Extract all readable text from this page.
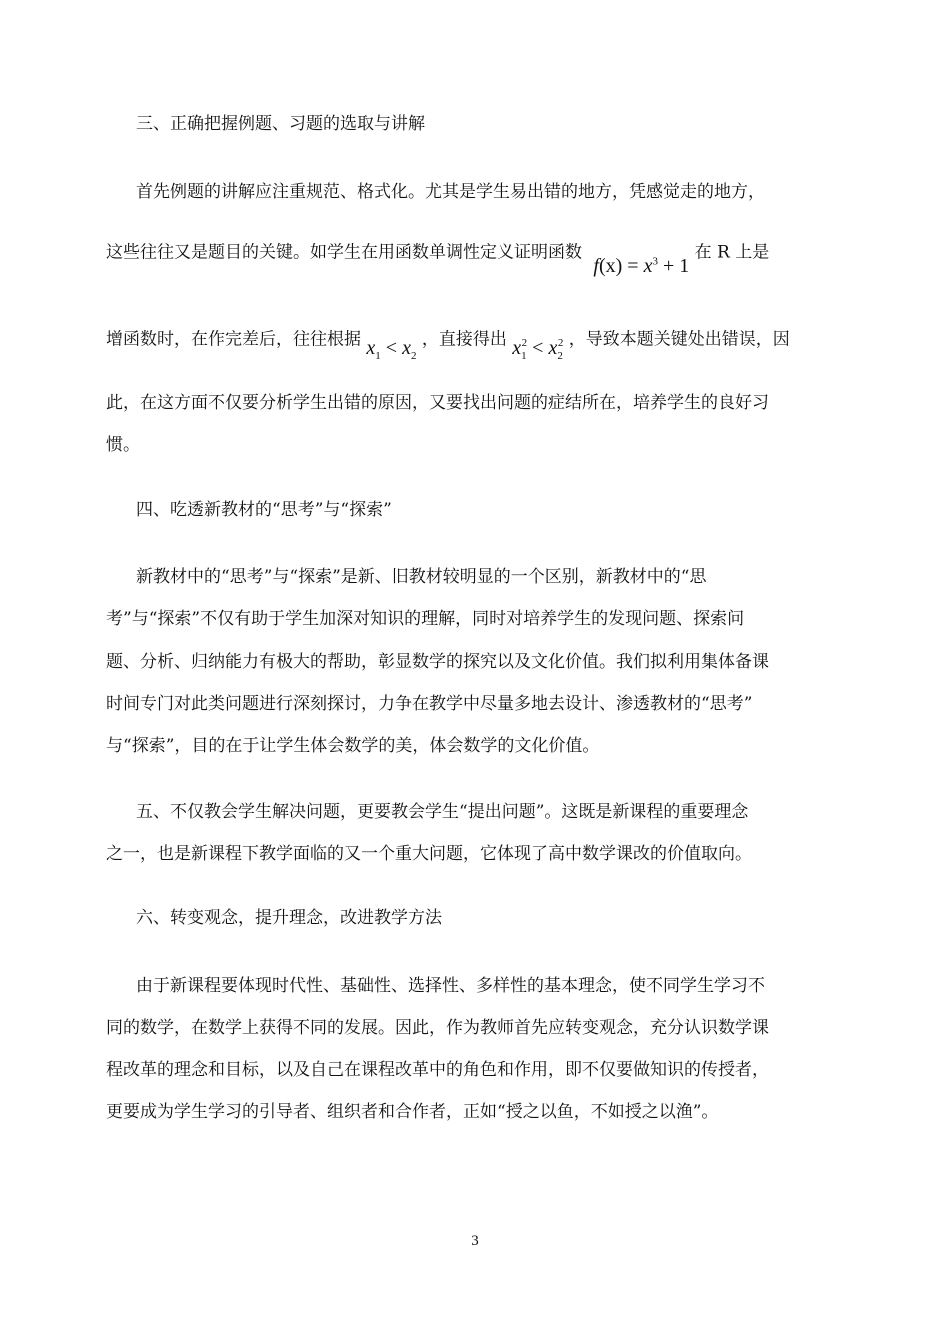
三、正确把握例题、习题的选取与讲解
首先例题的讲解应注重规范、格式化。尤其是学生易出错的地方，凭感觉走的地方，
这些往往又是题目的关键。如学生在用函数单调性定义证明函数 $f(x) = x^3 + 1$ 在 R 上是
增函数时，在作完差后，往往根据 $x_1 < x_2$ ，直接得出 $x_1^2 < x_2^2$ ，导致本题关键处出错误，因
此，在这方面不仅要分析学生出错的原因，又要找出问题的症结所在，培养学生的良好习
惯。
四、吃透新教材的“思考”与“探索”
新教材中的“思考”与“探索”是新、旧教材较明显的一个区别，新教材中的“思
考”与“探索”不仅有助于学生加深对知识的理解，同时对培养学生的发现问题、探索问
题、分析、归纳能力有极大的帮助，彰显数学的探究以及文化价值。我们拟利用集体备课
时间专门对此类问题进行深刻探讨，力争在教学中尽量多地去设计、渗透教材的“思考”
与“探索”，目的在于让学生体会数学的美，体会数学的文化价值。
五、不仅教会学生解决问题，更要教会学生“提出问题”。这既是新课程的重要理念
之一，也是新课程下教学面临的又一个重大问题，它体现了高中数学课改的价值取向。
六、转变观念，提升理念，改进教学方法
由于新课程要体现时代性、基础性、选择性、多样性的基本理念，使不同学生学习不
同的数学，在数学上获得不同的发展。因此，作为教师首先应转变观念，充分认识数学课
程改革的理念和目标，以及自己在课程改革中的角色和作用，即不仅要做知识的传授者，
更要成为学生学习的引导者、组织者和合作者，正如“授之以鱼，不如授之以渔”。
3
